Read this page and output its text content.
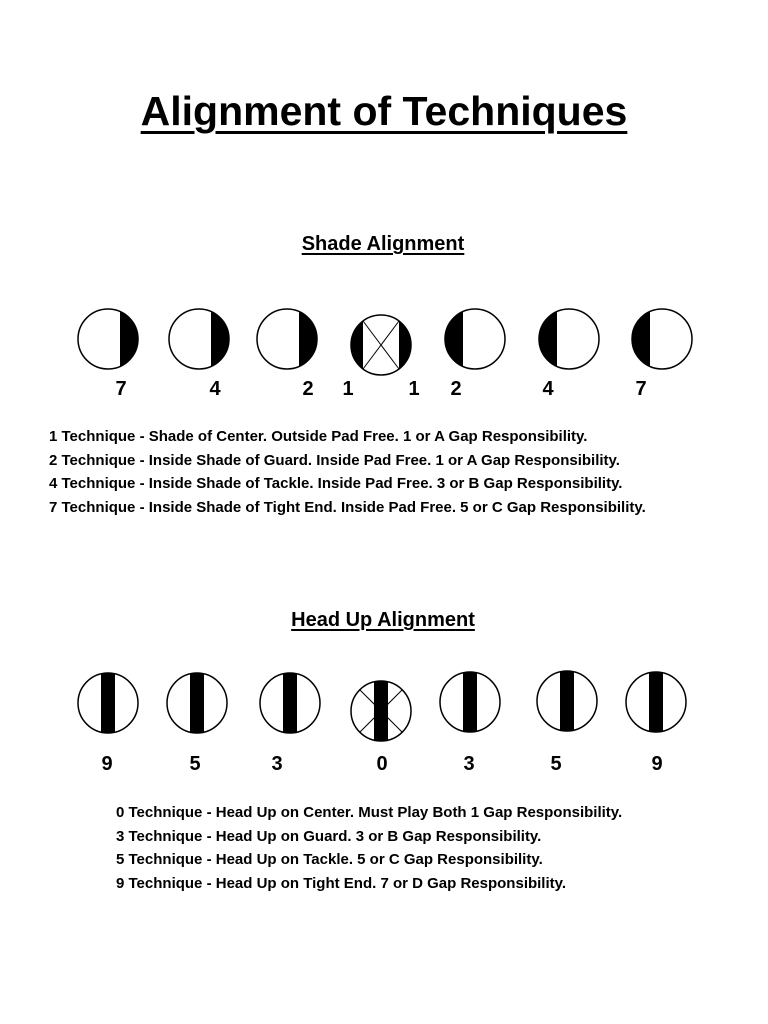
Alignment of Techniques
Shade Alignment
7	4	2 1	1 2	4	7
1 Technique - Shade of Center. Outside Pad Free. 1 or A Gap Responsibility.
2 Technique - Inside Shade of Guard. Inside Pad Free. 1 or A Gap Responsibility.
4 Technique - Inside Shade of Tackle. Inside Pad Free. 3 or B Gap Responsibility.
7 Technique - Inside Shade of Tight End. Inside Pad Free. 5 or C Gap Responsibility.
Head Up Alignment
9	5	3	0	3	5	9
0 Technique - Head Up on Center. Must Play Both 1 Gap Responsibility.
3 Technique - Head Up on Guard. 3 or B Gap Responsibility.
5 Technique - Head Up on Tackle. 5 or C Gap Responsibility.
9 Technique - Head Up on Tight End. 7 or D Gap Responsibility.
